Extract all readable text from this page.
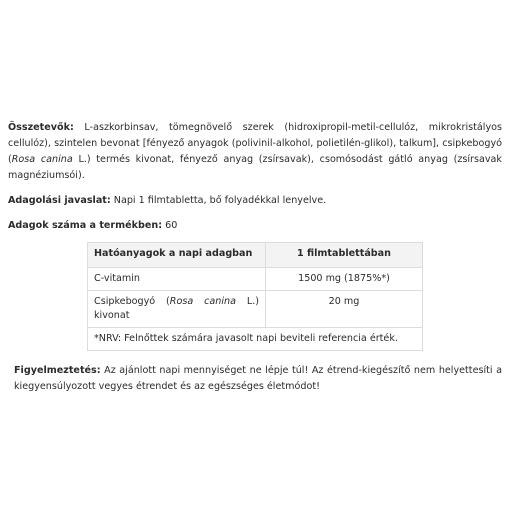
Összetevők: L-aszkorbinsav, tömegnövelő szerek (hidroxipropil-metil-cellulóz, mikrokristályos cellulóz), szintelen bevonat [fényező anyagok (polivinil-alkohol, polietilén-glikol), talkum], csipkebogyó (Rosa canina L.) termés kivonat, fényező anyag (zsírsavak), csomósodást gátló anyag (zsírsavak magnéziumsói).

Adagolási javaslat: Napi 1 filmtabletta, bő folyadékkal lenyelve.

Adagok száma a termékben: 60

Hatóanyagok a napi adagban	1 filmtablettában
C-vitamin	1500 mg (1875%*)
Csipkebogyó (Rosa canina L.) kivonat	20 mg
*NRV: Felnőttek számára javasolt napi beviteli referencia érték.	

Figyelmeztetés: Az ajánlott napi mennyiséget ne lépje túl! Az étrend-kiegészítő nem helyettesíti a kiegyensúlyozott vegyes étrendet és az egészséges életmódot!
